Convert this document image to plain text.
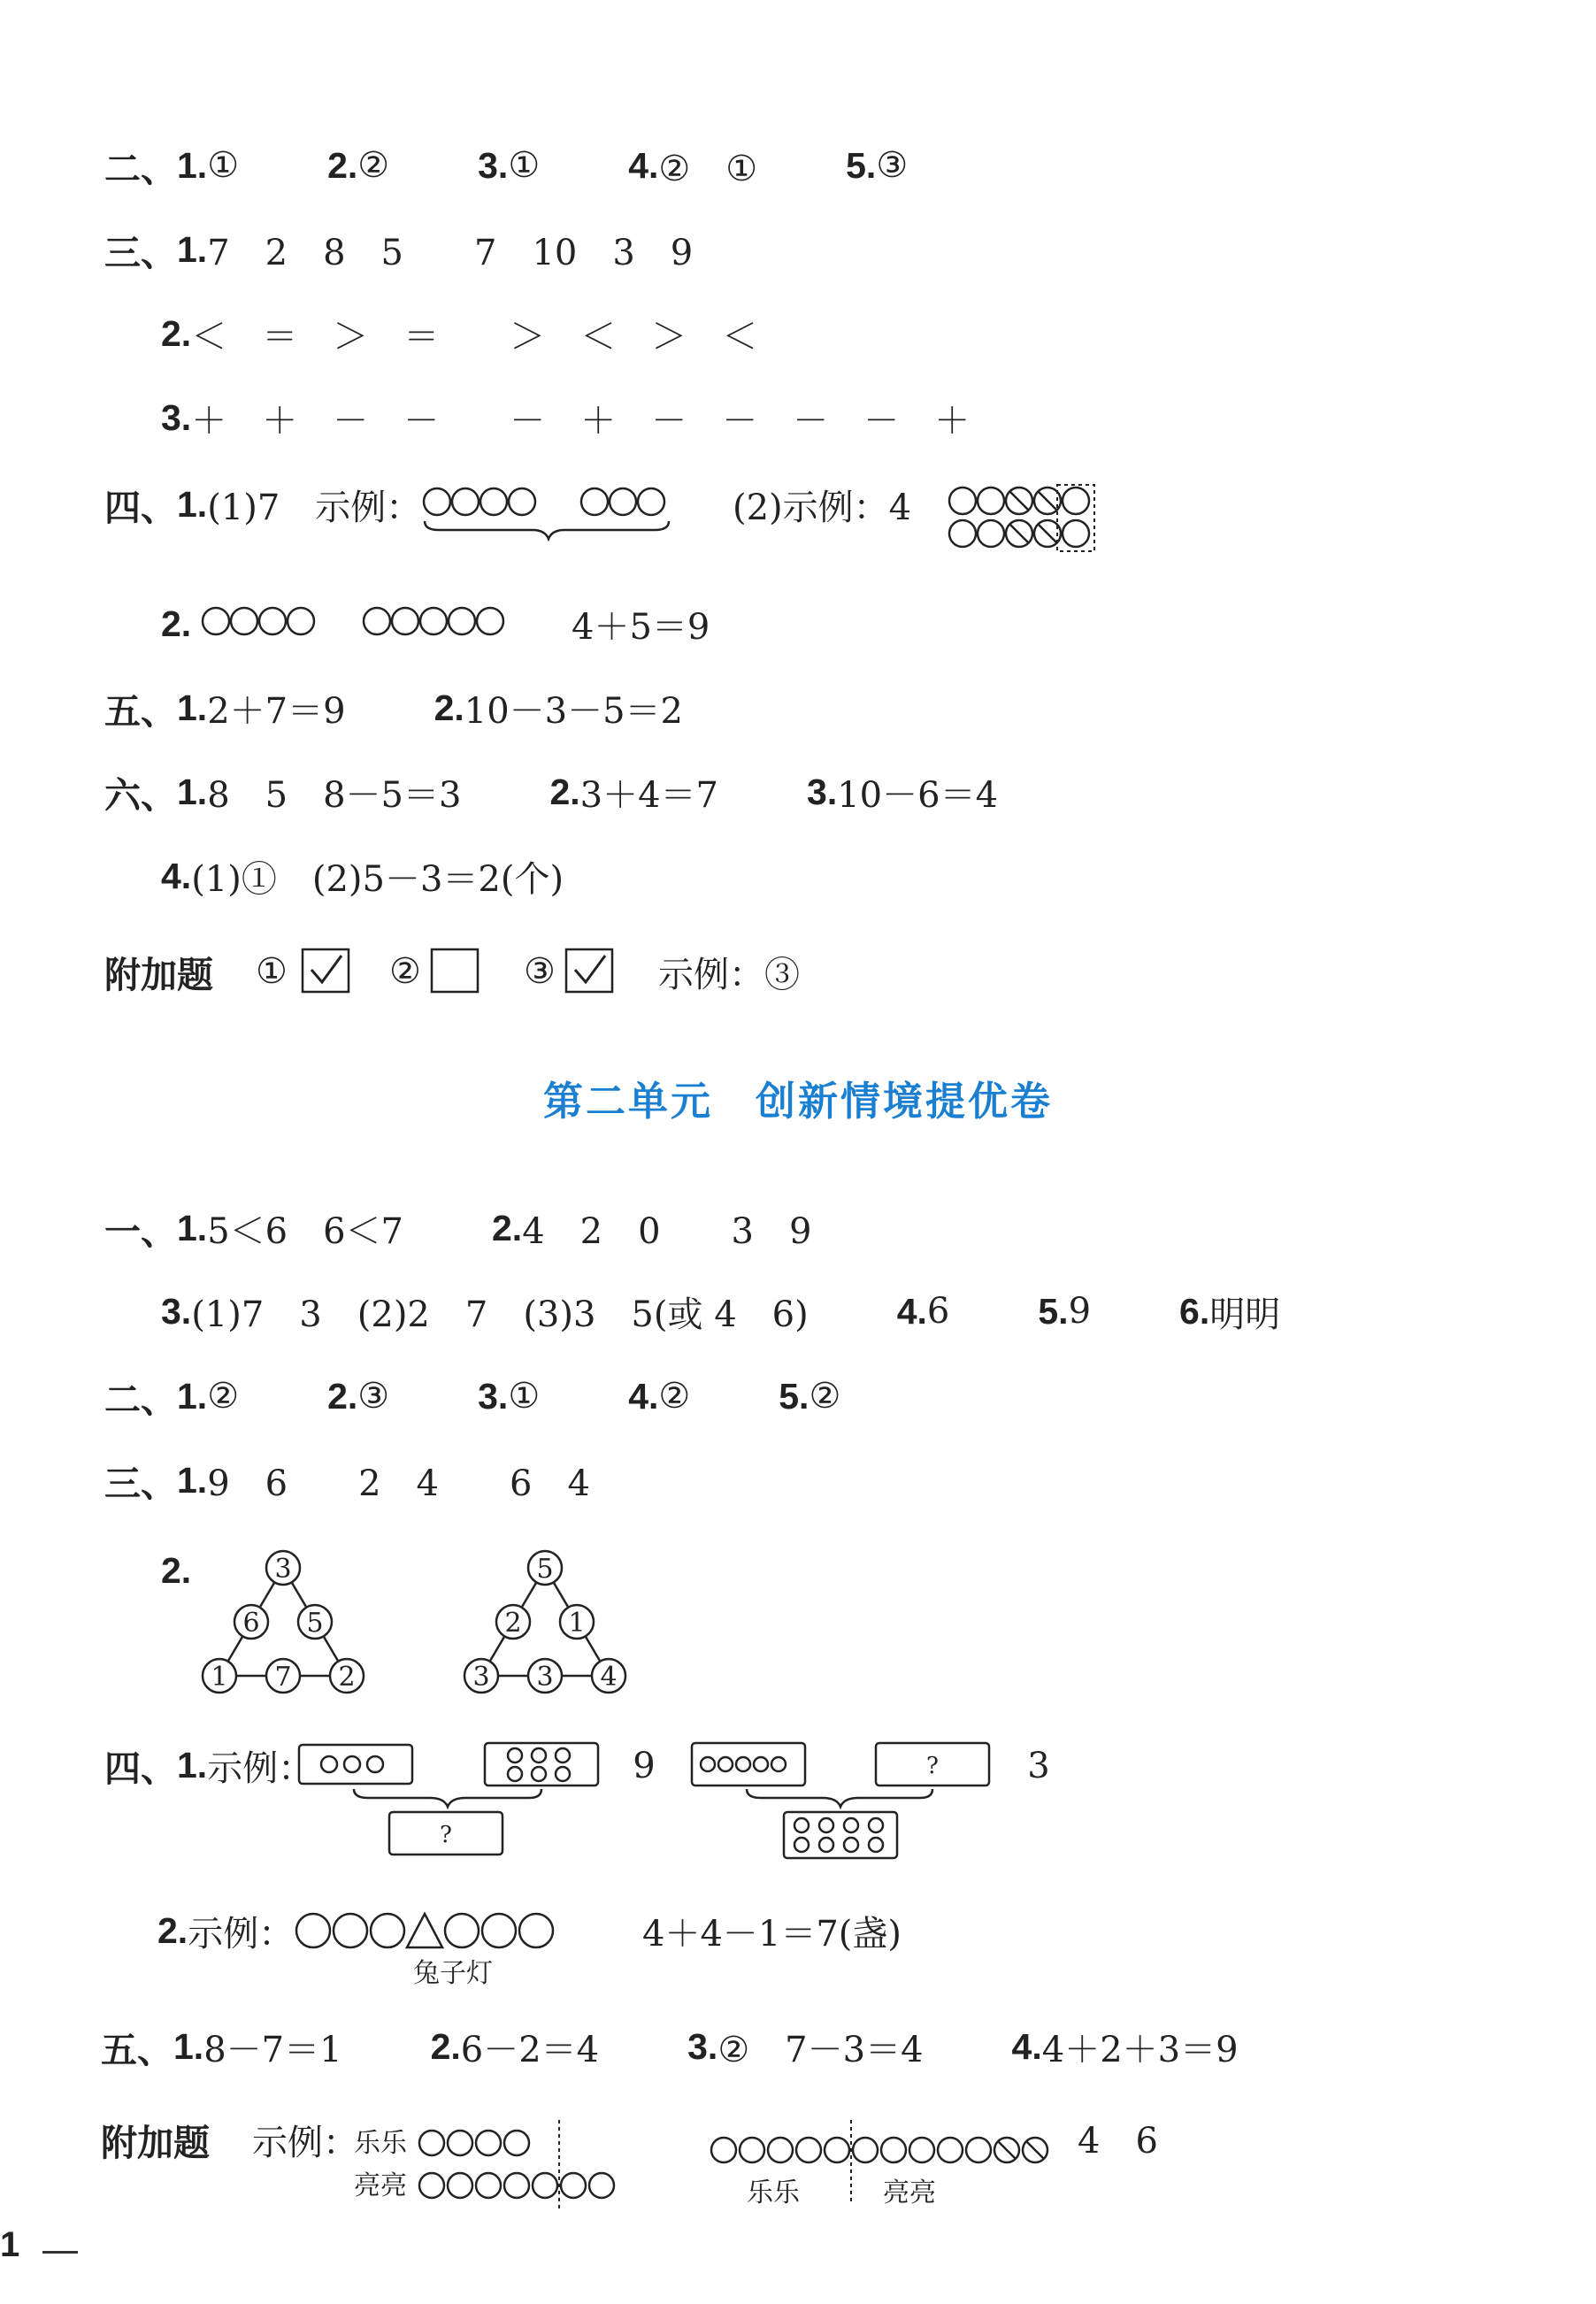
二、 1. ① 2. ② 3. ① 4. ②　① 5. ③
三、 1. 7　2　8　5　　7　10　3　9
2. ＜　＝　＞　＝　　＞　＜　＞　＜
3. ＋　＋　－　－　　－　＋　－　－　－　－　＋
四、 1. (1)7　示例：	(2)示例：4
2.	4＋5＝9
五、 1. 2＋7＝9 2. 10－3－5＝2
六、 1. 8　5　8－5＝3 2. 3＋4＝7 3. 10－6＝4
4. (1)①　(2)5－3＝2(个)
附加题 ①	②	③	示例：③
第二单元　创新情境提优卷
一、 1. 5＜6　6＜7 2. 4　2　0　　3　9
3. (1)7　3　(2)2　7　(3)3　5(或 4　6) 4. 6 5. 9 6. 明明
二、 1. ② 2. ③ 3. ① 4. ② 5. ②
三、 1. 9　6　　2　4　　6　4
2.	3
6 5
1 7 2
5
2 1
3 3 4
四、 1. 示例：
?
?
9	3
2. 示例：
兔子灯
4＋4－1＝7(盏)
五、 1. 8－7＝1 2. 6－2＝4 3. ②　7－3＝4 4. 4＋2＋3＝9
附加题 示例：
乐乐
亮亮	乐乐	亮亮
4　6
1
